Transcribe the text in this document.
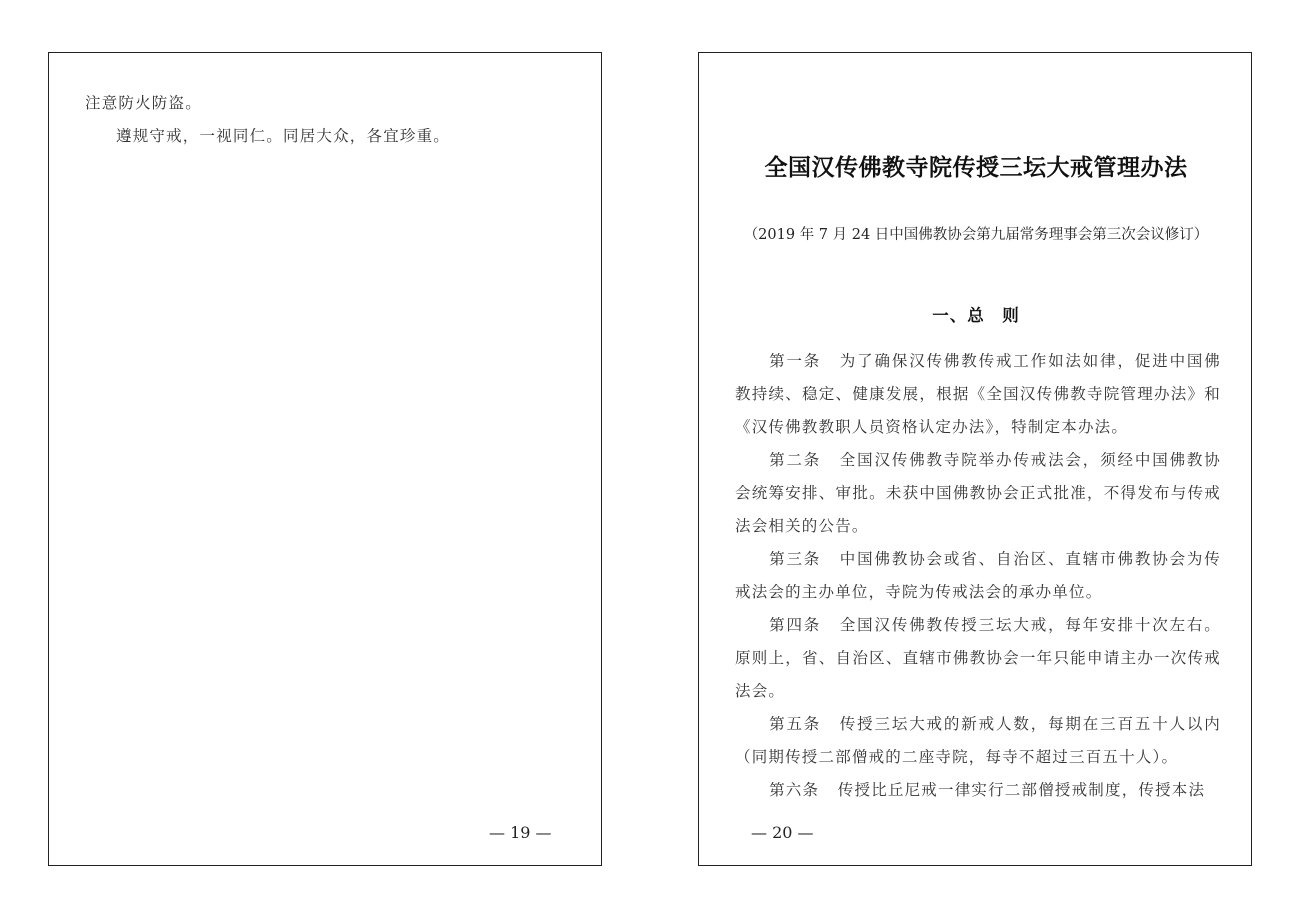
注意防火防盗。

遵规守戒，一视同仁。同居大众，各宜珍重。

— 19 —
全国汉传佛教寺院传授三坛大戒管理办法

（2019 年 7 月 24 日中国佛教协会第九届常务理事会第三次会议修订）

一、总　则

第一条 为了确保汉传佛教传戒工作如法如律，促进中国佛教持续、稳定、健康发展，根据《全国汉传佛教寺院管理办法》和《汉传佛教教职人员资格认定办法》，特制定本办法。

第二条 全国汉传佛教寺院举办传戒法会，须经中国佛教协会统筹安排、审批。未获中国佛教协会正式批准，不得发布与传戒法会相关的公告。

第三条 中国佛教协会或省、自治区、直辖市佛教协会为传戒法会的主办单位，寺院为传戒法会的承办单位。

第四条 全国汉传佛教传授三坛大戒，每年安排十次左右。原则上，省、自治区、直辖市佛教协会一年只能申请主办一次传戒法会。

第五条 传授三坛大戒的新戒人数，每期在三百五十人以内（同期传授二部僧戒的二座寺院，每寺不超过三百五十人）。

第六条 传授比丘尼戒一律实行二部僧授戒制度，传授本法

— 20 —
